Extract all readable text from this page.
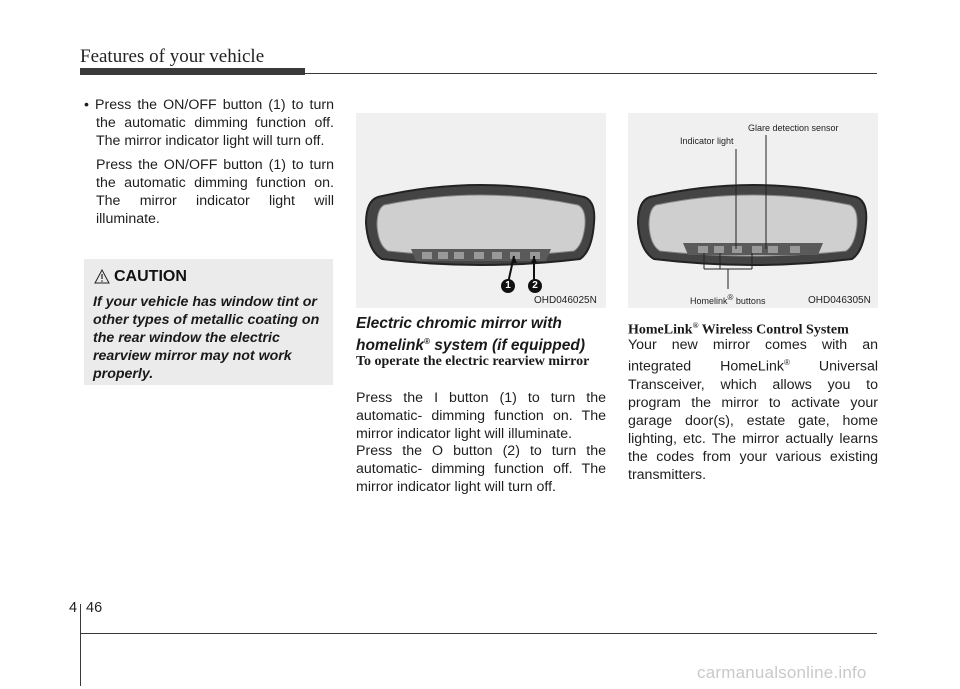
Features of your vehicle

• Press the ON/OFF button (1) to turn the automatic dimming function off. The mirror indicator light will turn off.

Press the ON/OFF button (1) to turn the automatic dimming function on. The mirror indicator light will illuminate.

CAUTION
If your vehicle has window tint or other types of metallic coating on the rear window the electric rearview mirror may not work properly.
1	2
OHD046025N
Indicator light
Glare detection sensor
Homelink® buttons	OHD046305N
Electric chromic mirror with
homelink® system (if equipped)
To operate the electric rearview mirror
Press the I button (1) to turn the automatic- dimming function on. The mirror indicator light will illuminate.
Press the O button (2) to turn the automatic- dimming function off. The mirror indicator light will turn off.
HomeLink® Wireless Control System
Your new mirror comes with an integrated HomeLink® Universal Transceiver, which allows you to program the mirror to activate your garage door(s), estate gate, home lighting, etc. The mirror actually learns the codes from your various existing transmitters.
4 46
carmanualsonline.info
